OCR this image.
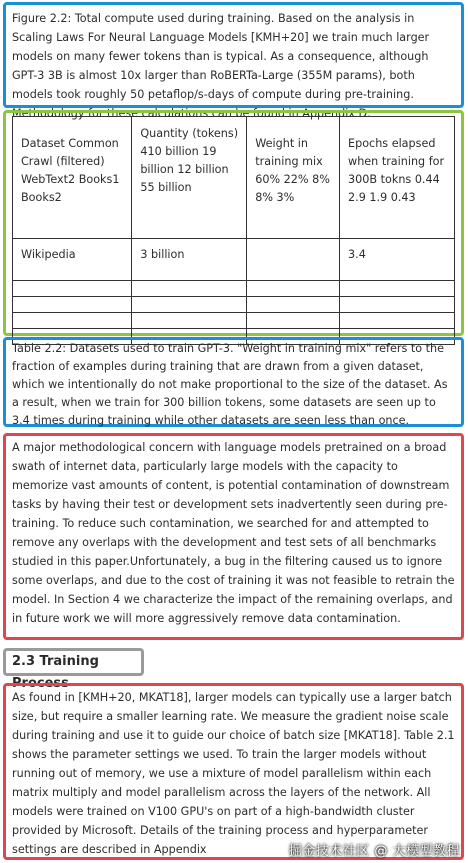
Figure 2.2: Total compute used during training. Based on the analysis in Scaling Laws For Neural Language Models [KMH+20] we train much larger models on many fewer tokens than is typical. As a consequence, although GPT-3 3B is almost 10x larger than RoBERTa-Large (355M params), both models took roughly 50 petaflop/s-days of compute during pre-training. Methodology for these calculations can be found in Appendix D.

Dataset Common Crawl (filtered) WebText2 Books1 Books2	Quantity (tokens) 410 billion 19 billion 12 billion 55 billion	Weight in training mix 60% 22% 8% 8% 3%	Epochs elapsed when training for 300B tokns 0.44 2.9 1.9 0.43
Wikipedia	3 billion		3.4

Table 2.2: Datasets used to train GPT-3. "Weight in training mix" refers to the fraction of examples during training that are drawn from a given dataset, which we intentionally do not make proportional to the size of the dataset. As a result, when we train for 300 billion tokens, some datasets are seen up to 3.4 times during training while other datasets are seen less than once.

A major methodological concern with language models pretrained on a broad swath of internet data, particularly large models with the capacity to memorize vast amounts of content, is potential contamination of downstream tasks by having their test or development sets inadvertently seen during pre-training. To reduce such contamination, we searched for and attempted to remove any overlaps with the development and test sets of all benchmarks studied in this paper.Unfortunately, a bug in the filtering caused us to ignore some overlaps, and due to the cost of training it was not feasible to retrain the model. In Section 4 we characterize the impact of the remaining overlaps, and in future work we will more aggressively remove data contamination.

2.3 Training Process

As found in [KMH+20, MKAT18], larger models can typically use a larger batch size, but require a smaller learning rate. We measure the gradient noise scale during training and use it to guide our choice of batch size [MKAT18]. Table 2.1 shows the parameter settings we used. To train the larger models without running out of memory, we use a mixture of model parallelism within each matrix multiply and model parallelism across the layers of the network. All models were trained on V100 GPU's on part of a high-bandwidth cluster provided by Microsoft. Details of the training process and hyperparameter settings are described in Appendix	掘金技术社区 @ 大模型教程
